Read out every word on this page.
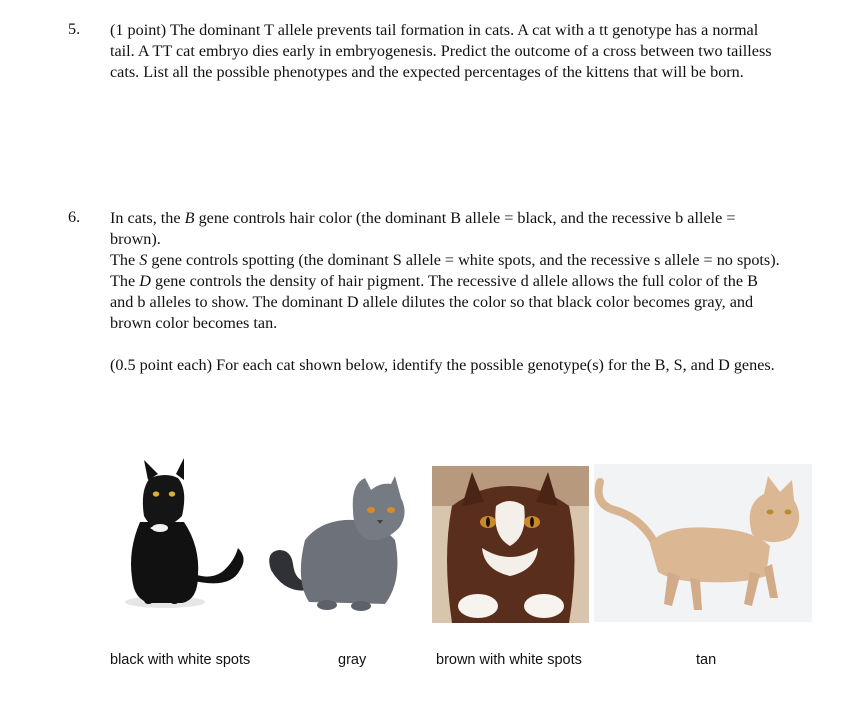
5. (1 point) The dominant T allele prevents tail formation in cats. A cat with a tt genotype has a normal tail. A TT cat embryo dies early in embryogenesis. Predict the outcome of a cross between two tailless cats. List all the possible phenotypes and the expected percentages of the kittens that will be born.

6. In cats, the B gene controls hair color (the dominant B allele = black, and the recessive b allele = brown).

The S gene controls spotting (the dominant S allele = white spots, and the recessive s allele = no spots).

The D gene controls the density of hair pigment. The recessive d allele allows the full color of the B and b alleles to show. The dominant D allele dilutes the color so that black color becomes gray, and brown color becomes tan.

(0.5 point each) For each cat shown below, identify the possible genotype(s) for the B, S, and D genes.

black with white spots	gray	brown with white spots	tan
